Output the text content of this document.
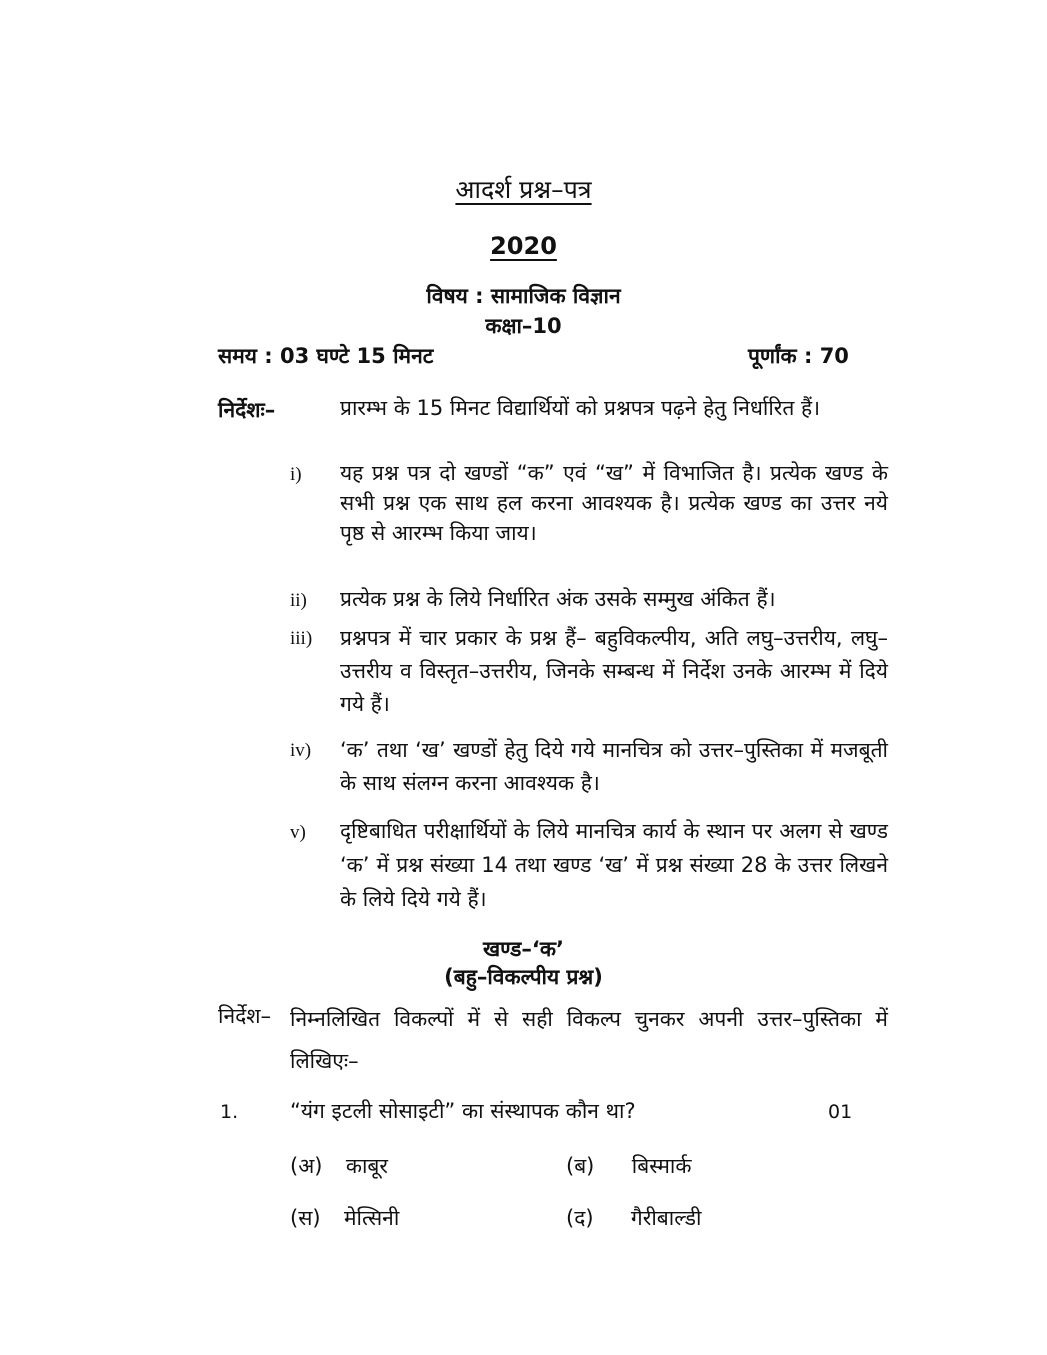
आदर्श प्रश्न–पत्र
2020
विषय : सामाजिक विज्ञान
कक्षा–10
समय : 03 घण्टे 15 मिनट	पूर्णांक : 70
निर्देशः–	प्रारम्भ के 15 मिनट विद्यार्थियों को प्रश्नपत्र पढ़ने हेतु निर्धारित हैं।
i) यह प्रश्न पत्र दो खण्डों “क” एवं “ख” में विभाजित है। प्रत्येक खण्ड के सभी प्रश्न एक साथ हल करना आवश्यक है। प्रत्येक खण्ड का उत्तर नये पृष्ठ से आरम्भ किया जाय।
ii) प्रत्येक प्रश्न के लिये निर्धारित अंक उसके सम्मुख अंकित हैं।
iii) प्रश्नपत्र में चार प्रकार के प्रश्न हैं– बहुविकल्पीय, अति लघु–उत्तरीय, लघु–उत्तरीय व विस्तृत–उत्तरीय, जिनके सम्बन्ध में निर्देश उनके आरम्भ में दिये गये हैं।
iv) ‘क’ तथा ‘ख’ खण्डों हेतु दिये गये मानचित्र को उत्तर–पुस्तिका में मजबूती के साथ संलग्न करना आवश्यक है।
v) दृष्टिबाधित परीक्षार्थियों के लिये मानचित्र कार्य के स्थान पर अलग से खण्ड ‘क’ में प्रश्न संख्या 14 तथा खण्ड ‘ख’ में प्रश्न संख्या 28 के उत्तर लिखने के लिये दिये गये हैं।
खण्ड–‘क’
(बहु–विकल्पीय प्रश्न)
निर्देश– निम्नलिखित विकल्पों में से सही विकल्प चुनकर अपनी उत्तर–पुस्तिका में लिखिएः–
1. “यंग इटली सोसाइटी” का संस्थापक कौन था?	01
(अ) काबूर	(ब) बिस्मार्क
(स) मेत्सिनी	(द) गैरीबाल्डी
